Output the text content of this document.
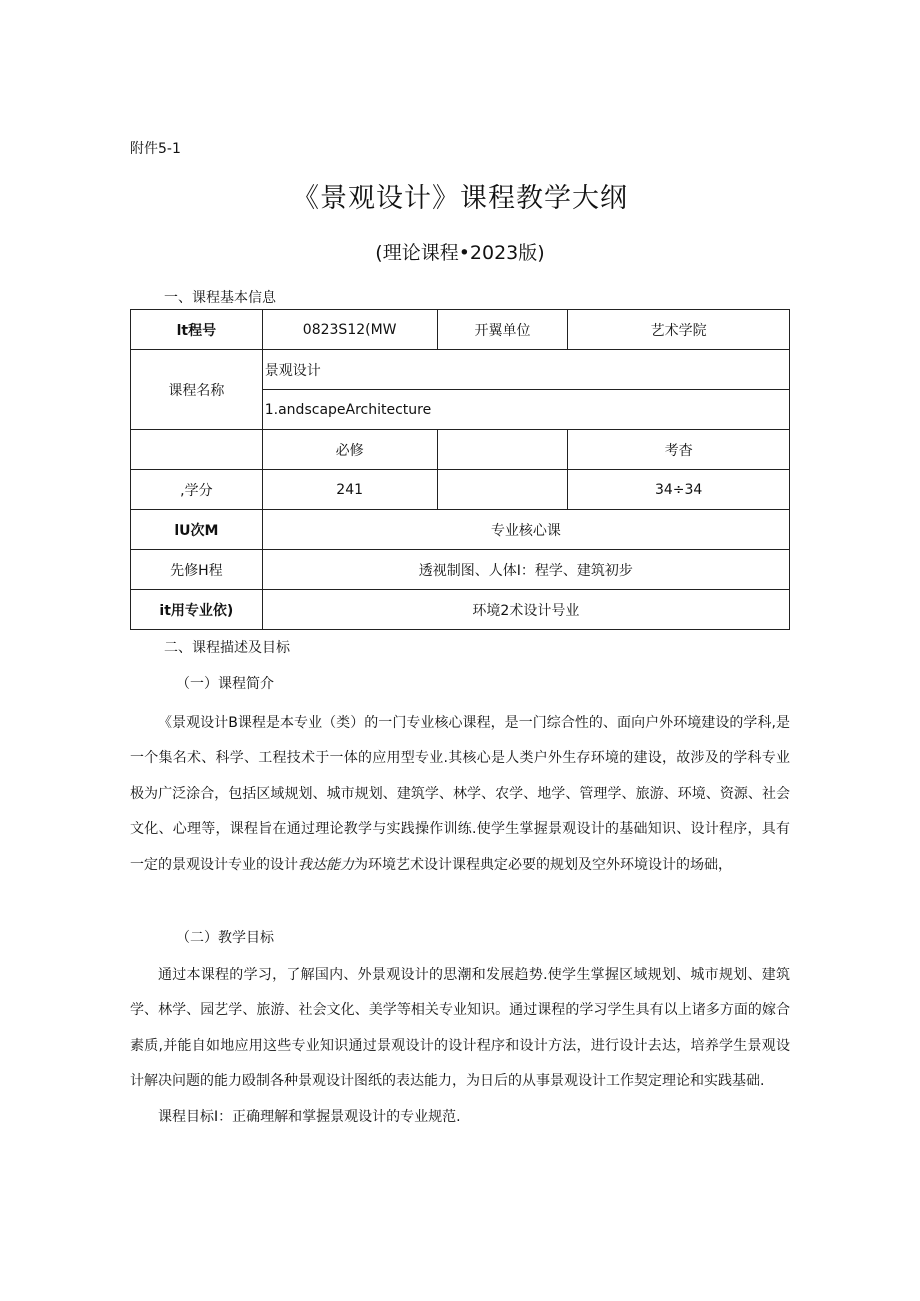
附件5-1
《景观设计》课程教学大纲
(理论课程•2023版)
一、课程基本信息
lt程号	0823S12(MW	开翼单位	艺术学院
课程名称	景观设计		
	1.andscapeArchitecture		
	必修		考杳
,学分	241		34÷34
lU次M	专业核心课		
先修H程	透视制图、人体I：程学、建筑初步		
it用专业依)	环境2术设计号业		
二、课程描述及目标
（一）课程简介

《景观设计B课程是本专业（类）的一门专业核心课程，是一门综合性的、面向户外环境建设的学科,是一个集名术、科学、工程技术于一体的应用型专业.其核心是人类户外生存环境的建设，故涉及的学科专业极为广泛涂合，包括区域规划、城市规划、建筑学、林学、农学、地学、管理学、旅游、环境、资源、社会文化、心理等，课程旨在通过理论教学与实践操作训练.使学生掌握景观设计的基础知识、设计程序，具有一定的景观设计专业的设计我达能力为环境艺术设计课程典定必要的规划及空外环境设计的场础，

（二）教学目标

通过本课程的学习，了解国内、外景观设计的思潮和发展趋势.使学生掌握区域规划、城市规划、建筑学、林学、园艺学、旅游、社会文化、美学等相关专业知识。通过课程的学习学生具有以上诸多方面的嫁合素质,并能自如地应用这些专业知识通过景观设计的设计程序和设计方法，进行设计去达，培养学生景观设计解决问题的能力殴制各种景观设计图纸的表达能力，为日后的从事景观设计工作契定理论和实践基础.

课程目标I：正确理解和掌握景观设计的专业规范.
